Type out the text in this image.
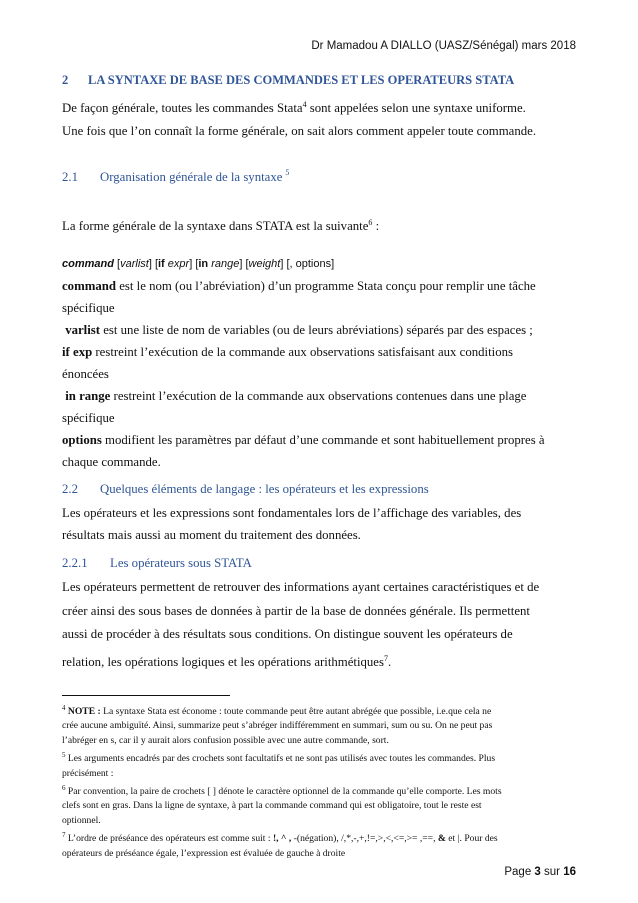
Dr Mamadou A DIALLO (UASZ/Sénégal) mars 2018
2 LA SYNTAXE DE BASE DES COMMANDES ET LES OPERATEURS STATA
De façon générale, toutes les commandes Stata$^4$ sont appelées selon une syntaxe uniforme.
Une fois que l’on connaît la forme générale, on sait alors comment appeler toute commande.
2.1 Organisation générale de la syntaxe $^5$
La forme générale de la syntaxe dans STATA est la suivante$^6$ :
command [varlist] [if expr] [in range] [weight] [, options]
command est le nom (ou l’abréviation) d’un programme Stata conçu pour remplir une tâche
spécifique
varlist est une liste de nom de variables (ou de leurs abréviations) séparés par des espaces ;
if exp restreint l’exécution de la commande aux observations satisfaisant aux conditions
énoncées
in range restreint l’exécution de la commande aux observations contenues dans une plage
spécifique
options modifient les paramètres par défaut d’une commande et sont habituellement propres à
chaque commande.
2.2 Quelques éléments de langage : les opérateurs et les expressions
Les opérateurs et les expressions sont fondamentales lors de l’affichage des variables, des
résultats mais aussi au moment du traitement des données.
2.2.1 Les opérateurs sous STATA
Les opérateurs permettent de retrouver des informations ayant certaines caractéristiques et de
créer ainsi des sous bases de données à partir de la base de données générale. Ils permettent
aussi de procéder à des résultats sous conditions. On distingue souvent les opérateurs de
relation, les opérations logiques et les opérations arithmétiques$^7$.
$^4$ NOTE : La syntaxe Stata est économe : toute commande peut être autant abrégée que possible, i.e.que cela ne
crée aucune ambiguïté. Ainsi, summarize peut s’abréger indifféremment en summari, sum ou su. On ne peut pas
l’abréger en s, car il y aurait alors confusion possible avec une autre commande, sort.
$^5$ Les arguments encadrés par des crochets sont facultatifs et ne sont pas utilisés avec toutes les commandes. Plus
précisément :
$^6$ Par convention, la paire de crochets [ ] dénote le caractère optionnel de la commande qu’elle comporte. Les mots
clefs sont en gras. Dans la ligne de syntaxe, à part la commande command qui est obligatoire, tout le reste est
optionnel.
$^7$ L’ordre de préséance des opérateurs est comme suit : !, ^ , -(négation), /,*,-,+,!=,>,<,<=,>= ,==, & et |. Pour des
opérateurs de préséance égale, l’expression est évaluée de gauche à droite
Page 3 sur 16
